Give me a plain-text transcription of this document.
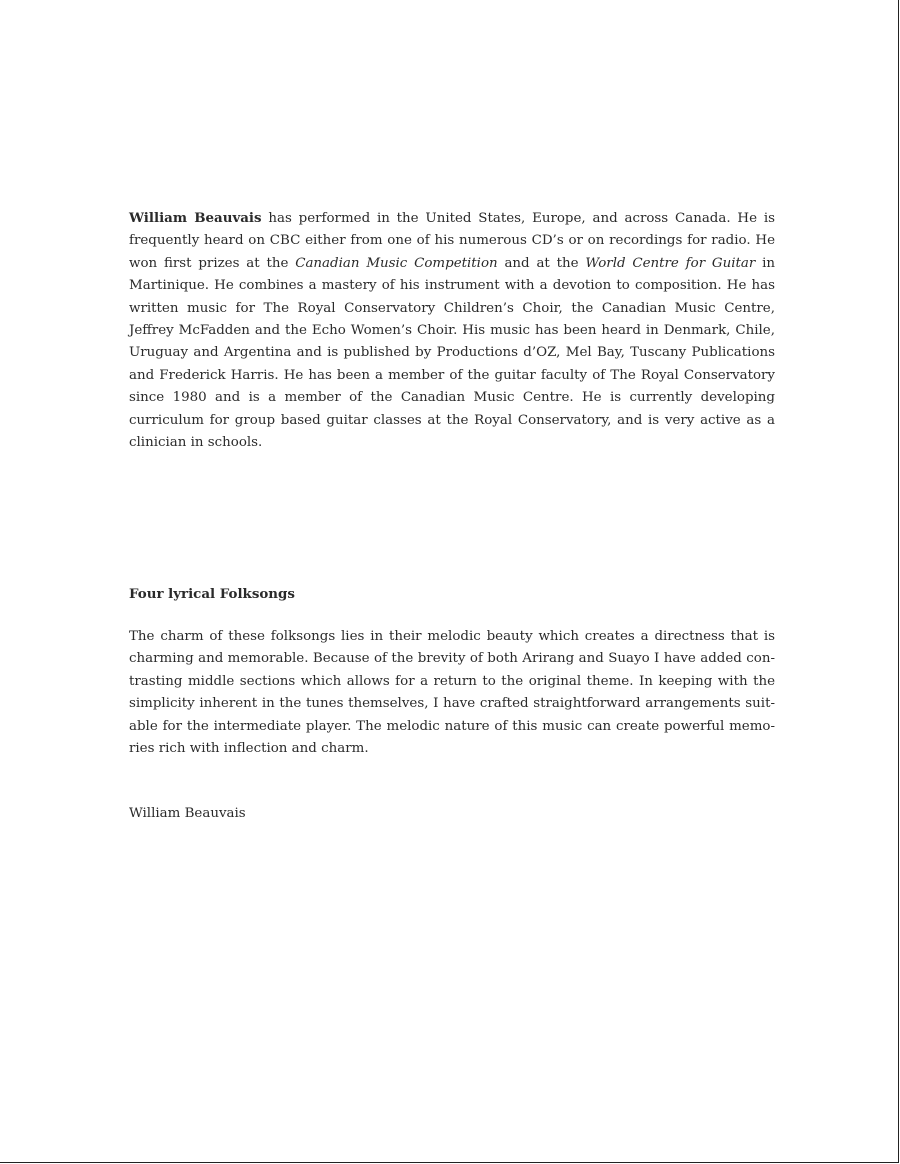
William Beauvais has performed in the United States, Europe, and across Canada. He is frequently heard on CBC either from one of his numerous CD’s or on recordings for radio. He won first prizes at the Canadian Music Competition and at the World Centre for Guitar in Martinique. He combines a mastery of his instrument with a devotion to composition. He has written music for The Royal Conservatory Children’s Choir, the Canadian Music Centre, Jeffrey McFadden and the Echo Women’s Choir. His music has been heard in Denmark, Chile, Uruguay and Argentina and is published by Productions d’OZ, Mel Bay, Tuscany Publications and Frederick Harris. He has been a member of the guitar faculty of The Royal Conservatory since 1980 and is a member of the Canadian Music Centre. He is currently developing curriculum for group based guitar classes at the Royal Conservatory, and is very active as a clinician in schools.

Four lyrical Folksongs

The charm of these folksongs lies in their melodic beauty which creates a directness that is charming and memorable. Because of the brevity of both Arirang and Suayo I have added contrasting middle sections which allows for a return to the original theme. In keeping with the simplicity inherent in the tunes themselves, I have crafted straightforward arrangements suitable for the intermediate player. The melodic nature of this music can create powerful memories rich with inflection and charm.

William Beauvais
